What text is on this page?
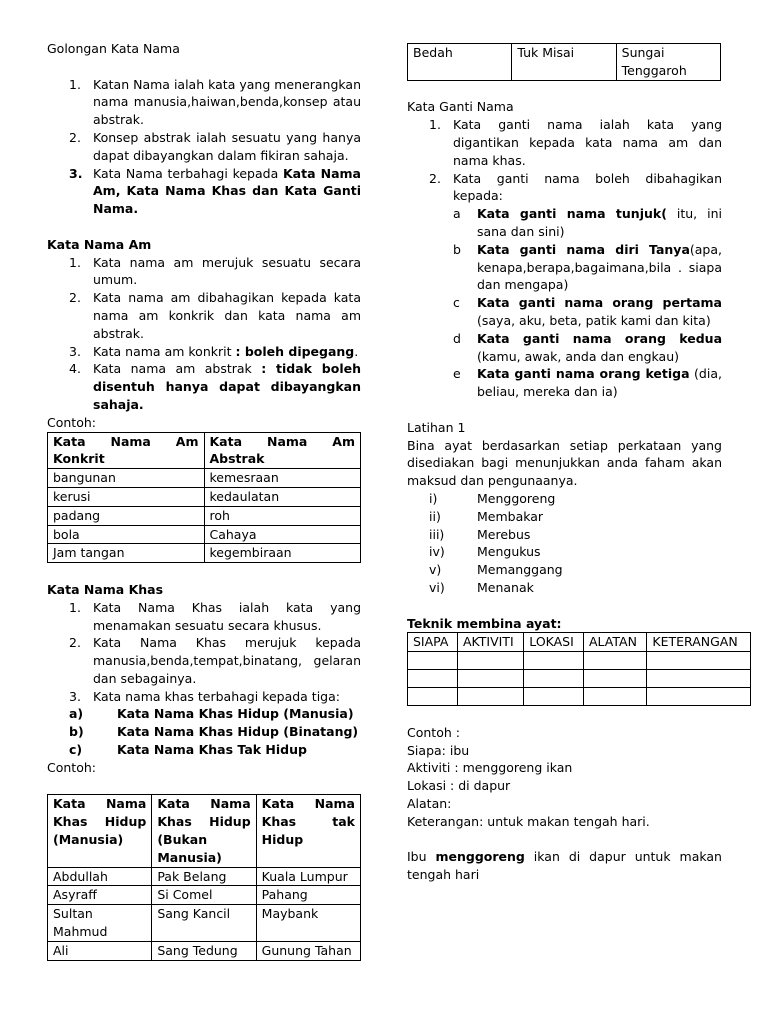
Golongan Kata Nama

1. Katan Nama ialah kata yang menerangkan nama manusia,haiwan,benda,konsep atau abstrak.
2. Konsep abstrak ialah sesuatu yang hanya dapat dibayangkan dalam fikiran sahaja.
3. Kata Nama terbahagi kepada Kata Nama Am, Kata Nama Khas dan Kata Ganti Nama.

Kata Nama Am

1. Kata nama am merujuk sesuatu secara umum.
2. Kata nama am dibahagikan kepada kata nama am konkrik dan kata nama am abstrak.
3. Kata nama am konkrit : boleh dipegang.
4. Kata nama am abstrak : tidak boleh disentuh hanya dapat dibayangkan sahaja.

Contoh:

Kata Nama Am Konkrit	Kata Nama Am Abstrak

bangunan	kemesraan
kerusi	kedaulatan
padang	roh
bola	Cahaya
Jam tangan	kegembiraan

Kata Nama Khas

1. Kata Nama Khas ialah kata yang menamakan sesuatu secara khusus.
2. Kata Nama Khas merujuk kepada manusia,benda,tempat,binatang, gelaran dan sebagainya.
3. Kata nama khas terbahagi kepada tiga:
a)	Kata Nama Khas Hidup (Manusia)
b)	Kata Nama Khas Hidup (Binatang)
c)	Kata Nama Khas Tak Hidup

Contoh:

Kata Nama Khas Hidup (Manusia)	Kata Nama Khas Hidup (Bukan Manusia)	Kata Nama Khas tak Hidup

Abdullah	Pak Belang	Kuala Lumpur
Asyraff	Si Comel	Pahang
Sultan Mahmud	Sang Kancil	Maybank
Ali	Sang Tedung	Gunung Tahan
Bedah	Tuk Misai	Sungai Tenggaroh

Kata Ganti Nama

1. Kata ganti nama ialah kata yang digantikan kepada kata nama am dan nama khas.
2. Kata ganti nama boleh dibahagikan kepada:
a Kata ganti nama tunjuk( itu, ini sana dan sini)
b Kata ganti nama diri Tanya(apa, kenapa,berapa,bagaimana,bila . siapa dan mengapa)
c Kata ganti nama orang pertama (saya, aku, beta, patik kami dan kita)
d Kata ganti nama orang kedua (kamu, awak, anda dan engkau)
e Kata ganti nama orang ketiga (dia, beliau, mereka dan ia)

Latihan 1

Bina ayat berdasarkan setiap perkataan yang disediakan bagi menunjukkan anda faham akan maksud dan pengunaanya.

i)	Menggoreng
ii)	Membakar
iii)	Merebus
iv)	Mengukus
v)	Memanggang
vi)	Menanak

Teknik membina ayat:

SIAPA	AKTIVITI	LOKASI	ALATAN	KETERANGAN

Contoh :

Siapa: ibu

Aktiviti : menggoreng ikan

Lokasi : di dapur

Alatan:

Keterangan: untuk makan tengah hari.

Ibu menggoreng ikan di dapur untuk makan tengah hari
